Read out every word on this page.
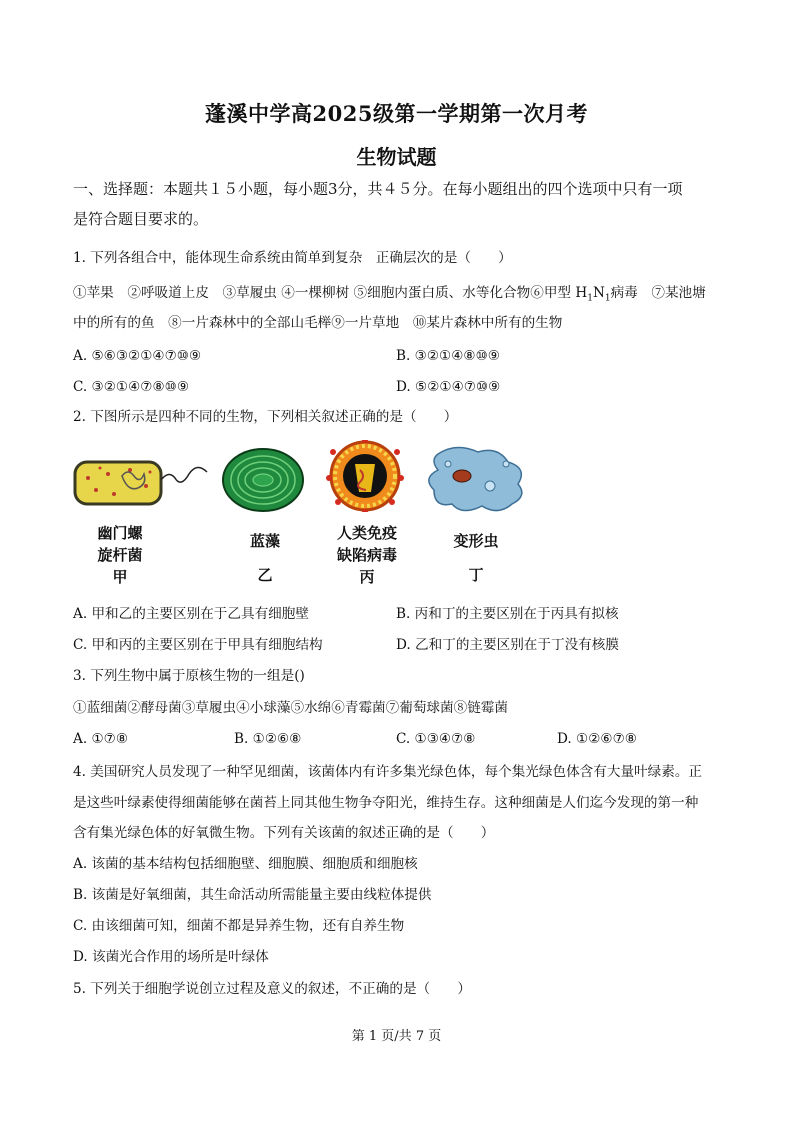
蓬溪中学高2025级第一学期第一次月考
生物试题
一、选择题：本题共１５小题，每小题3分，共４５分。在每小题组出的四个选项中只有一项
是符合题目要求的。
1. 下列各组合中，能体现生命系统由简单到复杂　正确层次的是（　　）
①苹果　②呼吸道上皮　③草履虫 ④一棵柳树 ⑤细胞内蛋白质、水等化合物⑥甲型 $H_1N_1$病毒　⑦某池塘
中的所有的鱼　⑧一片森林中的全部山毛榉⑨一片草地　⑩某片森林中所有的生物
A. ⑤⑥③②①④⑦⑩⑨	B. ③②①④⑧⑩⑨
C. ③②①④⑦⑧⑩⑨	D. ⑤②①④⑦⑩⑨
2. 下图所示是四种不同的生物，下列相关叙述正确的是（　　）
幽门螺
旋杆菌
甲
蓝藻
乙
人类免疫
缺陷病毒
丙
变形虫
丁
A. 甲和乙的主要区别在于乙具有细胞壁	B. 丙和丁的主要区别在于丙具有拟核
C. 甲和丙的主要区别在于甲具有细胞结构	D. 乙和丁的主要区别在于丁没有核膜
3. 下列生物中属于原核生物的一组是()
①蓝细菌②酵母菌③草履虫④小球藻⑤水绵⑥青霉菌⑦葡萄球菌⑧链霉菌
A. ①⑦⑧	B. ①②⑥⑧	C. ①③④⑦⑧	D. ①②⑥⑦⑧
4. 美国研究人员发现了一种罕见细菌，该菌体内有许多集光绿色体，每个集光绿色体含有大量叶绿素。正
是这些叶绿素使得细菌能够在菌苔上同其他生物争夺阳光，维持生存。这种细菌是人们迄今发现的第一种
含有集光绿色体的好氧微生物。下列有关该菌的叙述正确的是（　　）
A. 该菌的基本结构包括细胞壁、细胞膜、细胞质和细胞核
B. 该菌是好氧细菌，其生命活动所需能量主要由线粒体提供
C. 由该细菌可知，细菌不都是异养生物，还有自养生物
D. 该菌光合作用的场所是叶绿体
5. 下列关于细胞学说创立过程及意义的叙述，不正确的是（　　）
第 1 页/共 7 页
